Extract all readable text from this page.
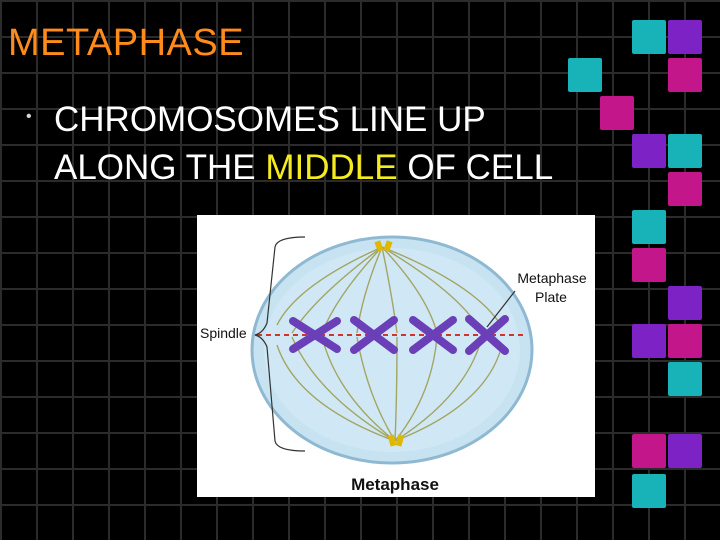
METAPHASE
• CHROMOSOMES LINE UP ALONG THE MIDDLE OF CELL
Metaphase
Plate
Spindle
Metaphase
